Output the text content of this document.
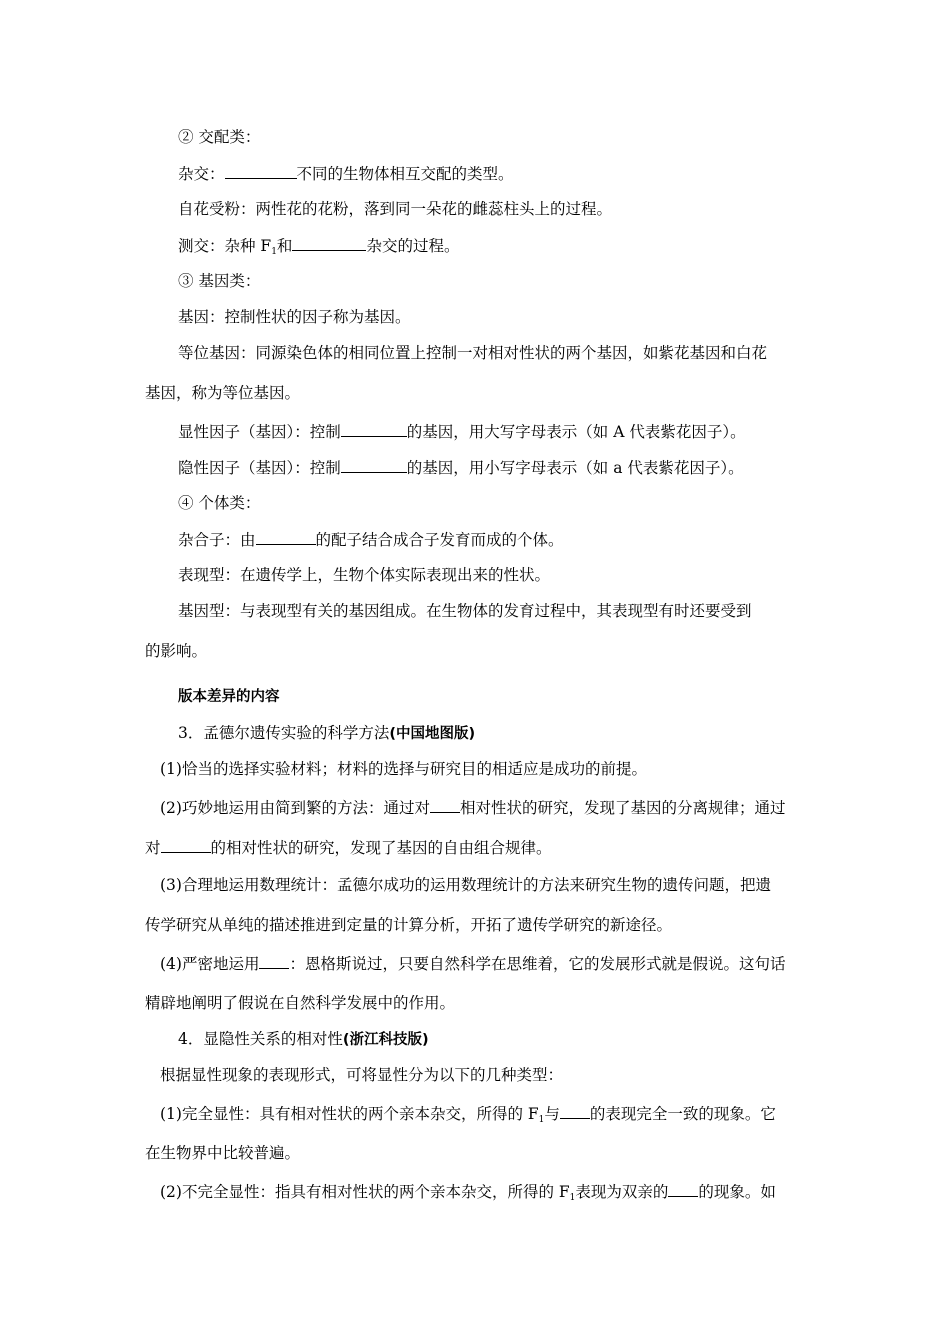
② 交配类：

杂交：	不同的生物体相互交配的类型。

自花受粉：两性花的花粉，落到同一朵花的雌蕊柱头上的过程。

测交：杂种 $F_1$和	杂交的过程。

③ 基因类：

基因：控制性状的因子称为基因。

等位基因：同源染色体的相同位置上控制一对相对性状的两个基因，如紫花基因和白花

基因，称为等位基因。

显性因子（基因）：控制	的基因，用大写字母表示（如 A 代表紫花因子）。

隐性因子（基因）：控制	的基因，用小写字母表示（如 a 代表紫花因子）。

④ 个体类：

杂合子：由	的配子结合成合子发育而成的个体。

表现型：在遗传学上，生物个体实际表现出来的性状。

基因型：与表现型有关的基因组成。在生物体的发育过程中，其表现型有时还要受到

的影响。

版本差异的内容

3．孟德尔遗传实验的科学方法(中国地图版)

(1)恰当的选择实验材料；材料的选择与研究目的相适应是成功的前提。

(2)巧妙地运用由简到繁的方法：通过对 相对性状的研究，发现了基因的分离规律；通过

对	的相对性状的研究，发现了基因的自由组合规律。

(3)合理地运用数理统计：孟德尔成功的运用数理统计的方法来研究生物的遗传问题，把遗

传学研究从单纯的描述推进到定量的计算分析，开拓了遗传学研究的新途径。

(4)严密地运用 ：恩格斯说过，只要自然科学在思维着，它的发展形式就是假说。这句话

精辟地阐明了假说在自然科学发展中的作用。

4．显隐性关系的相对性(浙江科技版)

根据显性现象的表现形式，可将显性分为以下的几种类型：

(1)完全显性：具有相对性状的两个亲本杂交，所得的 $F_1$与 的表现完全一致的现象。它

在生物界中比较普遍。

(2)不完全显性：指具有相对性状的两个亲本杂交，所得的 $F_1$表现为双亲的 的现象。如
